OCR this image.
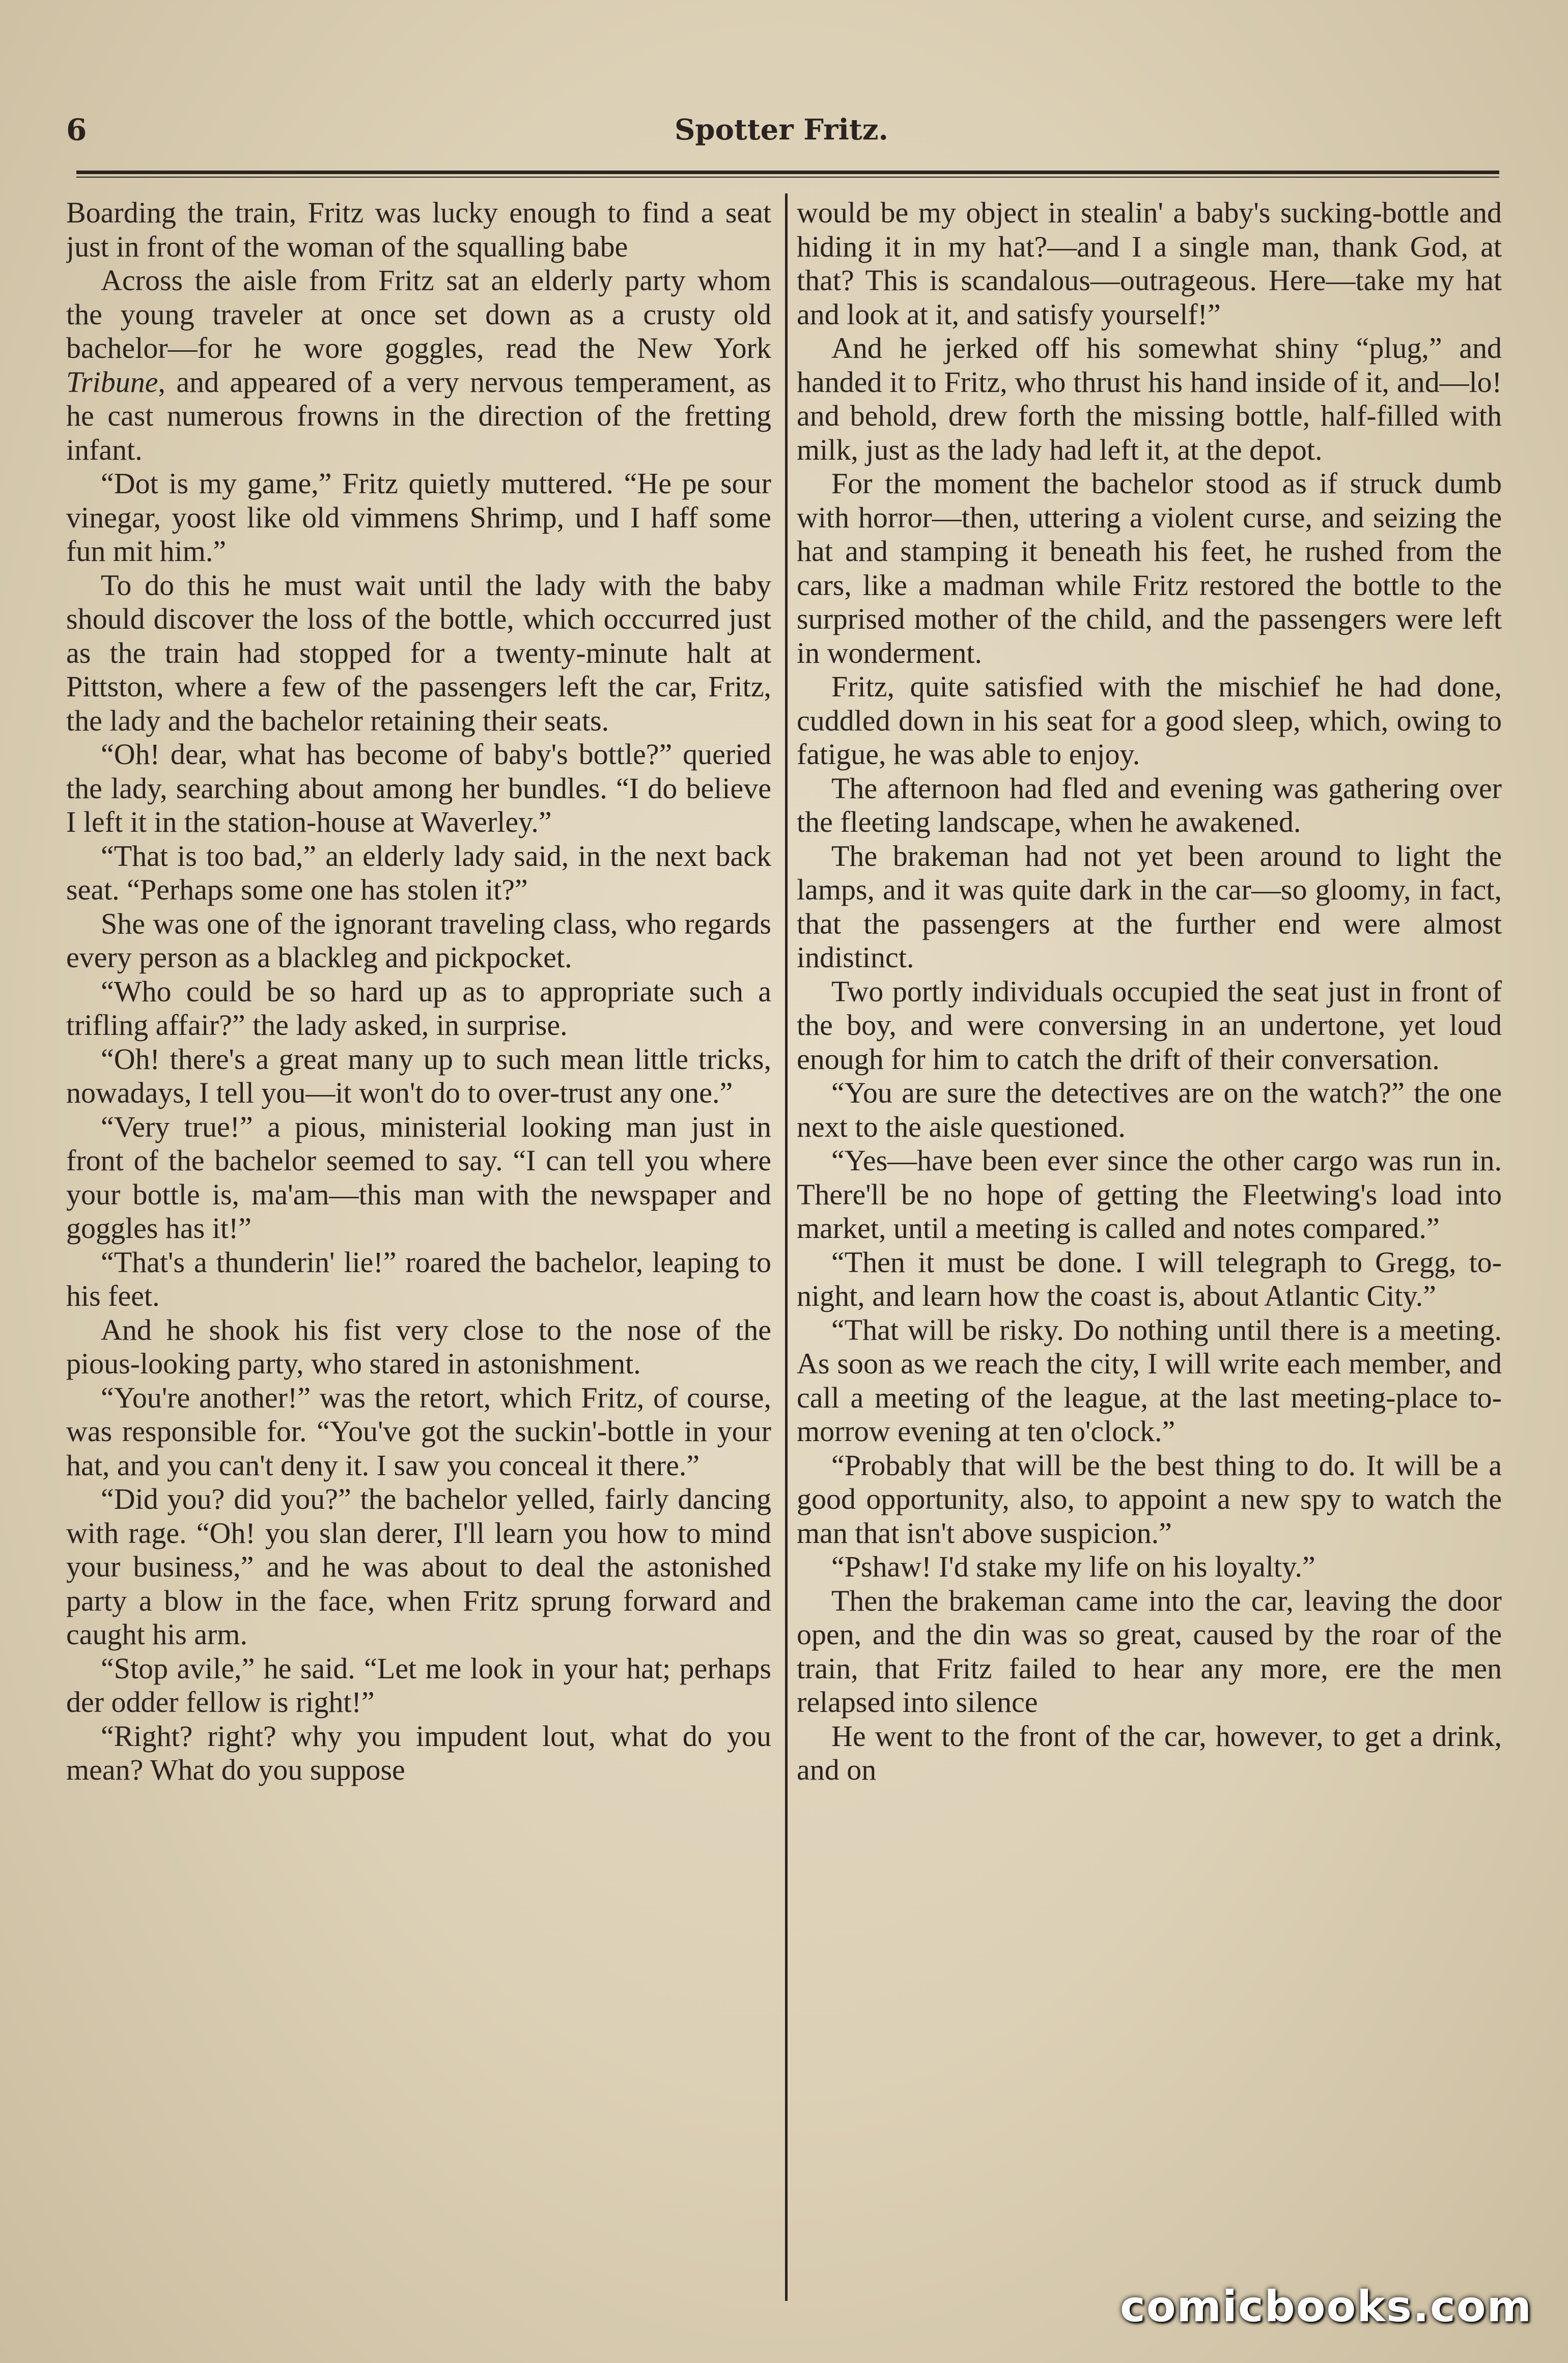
6	Spotter Fritz.

Boarding the train, Fritz was lucky enough to find a seat just in front of the woman of the squalling babe

Across the aisle from Fritz sat an elderly party whom the young traveler at once set down as a crusty old bachelor—for he wore goggles, read the New York Tribune, and appeared of a very nervous temperament, as he cast numerous frowns in the direction of the fretting infant.

“Dot is my game,” Fritz quietly muttered. “He pe sour vinegar, yoost like old vimmens Shrimp, und I haff some fun mit him.”

To do this he must wait until the lady with the baby should discover the loss of the bottle, which occcurred just as the train had stopped for a twenty-minute halt at Pittston, where a few of the passengers left the car, Fritz, the lady and the bachelor retaining their seats.

“Oh! dear, what has become of baby's bottle?” queried the lady, searching about among her bundles. “I do believe I left it in the station-house at Waverley.”

“That is too bad,” an elderly lady said, in the next back seat. “Perhaps some one has stolen it?”

She was one of the ignorant traveling class, who regards every person as a blackleg and pickpocket.

“Who could be so hard up as to appropriate such a trifling affair?” the lady asked, in surprise.

“Oh! there's a great many up to such mean little tricks, nowadays, I tell you—it won't do to over-trust any one.”

“Very true!” a pious, ministerial looking man just in front of the bachelor seemed to say. “I can tell you where your bottle is, ma'am—this man with the newspaper and goggles has it!”

“That's a thunderin' lie!” roared the bachelor, leaping to his feet.

And he shook his fist very close to the nose of the pious-looking party, who stared in astonishment.

“You're another!” was the retort, which Fritz, of course, was responsible for. “You've got the suckin'-bottle in your hat, and you can't deny it. I saw you conceal it there.”

“Did you? did you?” the bachelor yelled, fairly dancing with rage. “Oh! you slan derer, I'll learn you how to mind your business,” and he was about to deal the astonished party a blow in the face, when Fritz sprung forward and caught his arm.

“Stop avile,” he said. “Let me look in your hat; perhaps der odder fellow is right!”

“Right? right? why you impudent lout, what do you mean? What do you suppose

would be my object in stealin' a baby's sucking-bottle and hiding it in my hat?—and I a single man, thank God, at that? This is scandalous—outrageous. Here—take my hat and look at it, and satisfy yourself!”

And he jerked off his somewhat shiny “plug,” and handed it to Fritz, who thrust his hand inside of it, and—lo! and behold, drew forth the missing bottle, half-filled with milk, just as the lady had left it, at the depot.

For the moment the bachelor stood as if struck dumb with horror—then, uttering a violent curse, and seizing the hat and stamping it beneath his feet, he rushed from the cars, like a madman while Fritz restored the bottle to the surprised mother of the child, and the passengers were left in wonderment.

Fritz, quite satisfied with the mischief he had done, cuddled down in his seat for a good sleep, which, owing to fatigue, he was able to enjoy.

The afternoon had fled and evening was gathering over the fleeting landscape, when he awakened.

The brakeman had not yet been around to light the lamps, and it was quite dark in the car—so gloomy, in fact, that the passengers at the further end were almost indistinct.

Two portly individuals occupied the seat just in front of the boy, and were conversing in an undertone, yet loud enough for him to catch the drift of their conversation.

“You are sure the detectives are on the watch?” the one next to the aisle questioned.

“Yes—have been ever since the other cargo was run in. There'll be no hope of getting the Fleetwing's load into market, until a meeting is called and notes compared.”

“Then it must be done. I will telegraph to Gregg, to-night, and learn how the coast is, about Atlantic City.”

“That will be risky. Do nothing until there is a meeting. As soon as we reach the city, I will write each member, and call a meeting of the league, at the last meeting-place to-morrow evening at ten o'clock.”

“Probably that will be the best thing to do. It will be a good opportunity, also, to appoint a new spy to watch the man that isn't above suspicion.”

“Pshaw! I'd stake my life on his loyalty.”

Then the brakeman came into the car, leaving the door open, and the din was so great, caused by the roar of the train, that Fritz failed to hear any more, ere the men relapsed into silence

He went to the front of the car, however, to get a drink, and on

comicbooks.com
